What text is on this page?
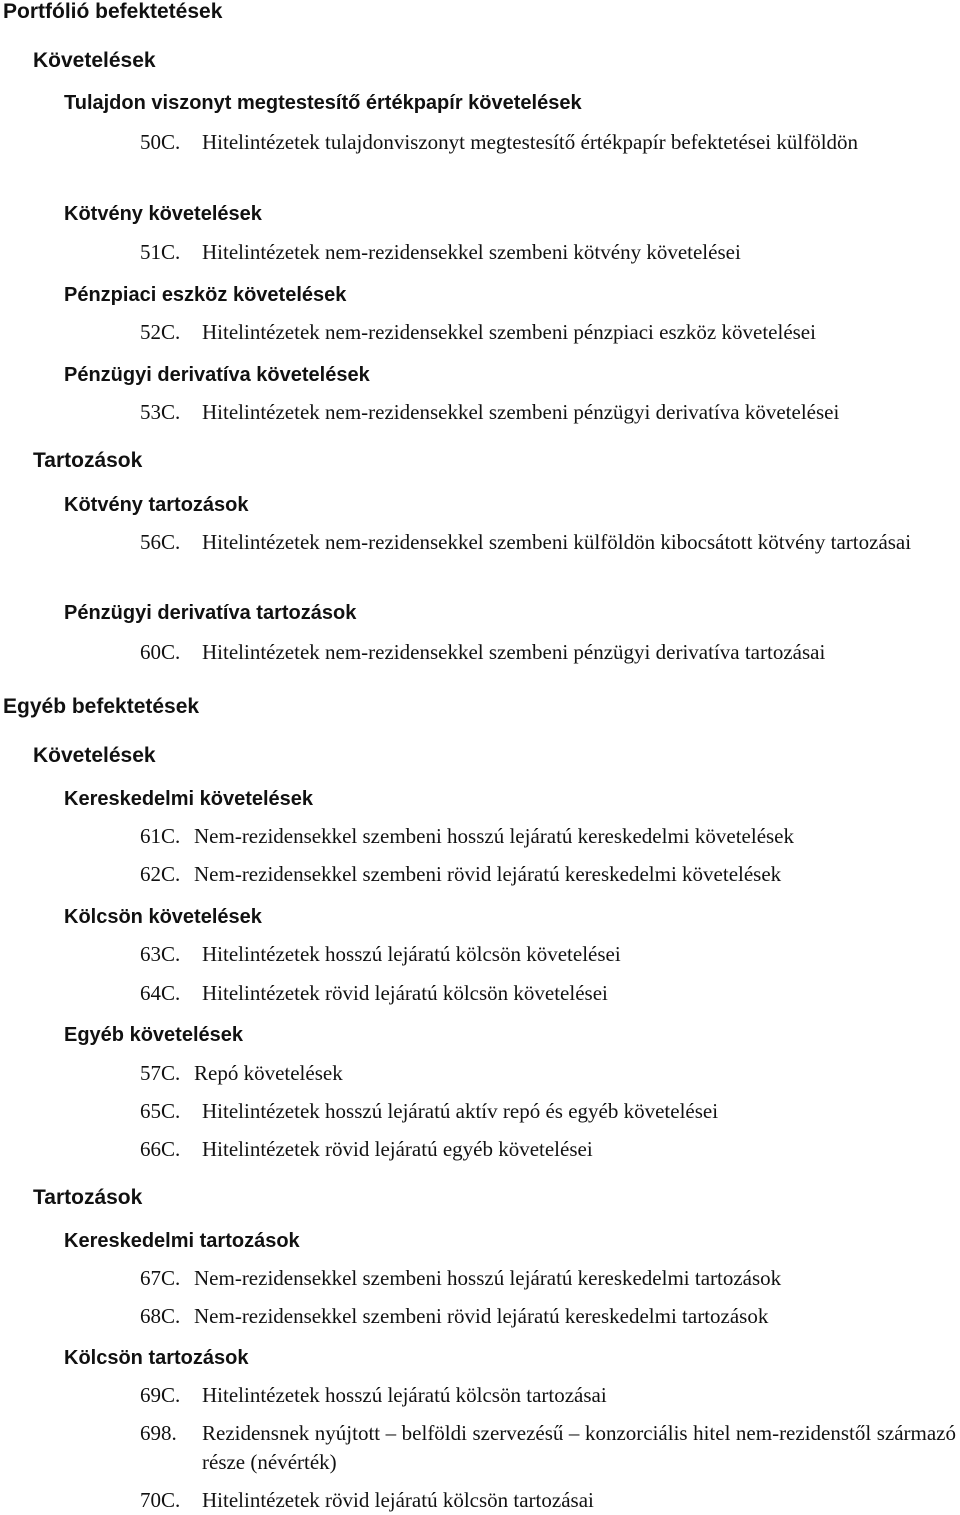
Portfólió befektetések
Követelések
Tulajdon viszonyt megtestesítő értékpapír követelések
50C.	Hitelintézetek tulajdonviszonyt megtestesítő értékpapír befektetései külföldön
Kötvény követelések
51C.	Hitelintézetek nem-rezidensekkel szembeni kötvény követelései
Pénzpiaci eszköz követelések
52C.	Hitelintézetek nem-rezidensekkel szembeni pénzpiaci eszköz követelései
Pénzügyi derivatíva követelések
53C.	Hitelintézetek nem-rezidensekkel szembeni pénzügyi derivatíva követelései
Tartozások
Kötvény tartozások
56C.	Hitelintézetek nem-rezidensekkel szembeni külföldön kibocsátott kötvény tartozásai
Pénzügyi derivatíva tartozások
60C.	Hitelintézetek nem-rezidensekkel szembeni pénzügyi derivatíva tartozásai
Egyéb befektetések
Követelések
Kereskedelmi követelések
61C. Nem-rezidensekkel szembeni hosszú lejáratú kereskedelmi követelések
62C. Nem-rezidensekkel szembeni rövid lejáratú kereskedelmi követelések
Kölcsön követelések
63C.	Hitelintézetek hosszú lejáratú kölcsön követelései
64C.	Hitelintézetek rövid lejáratú kölcsön követelései
Egyéb követelések
57C. Repó követelések
65C.	Hitelintézetek hosszú lejáratú aktív repó és egyéb követelései
66C.	Hitelintézetek rövid lejáratú egyéb követelései
Tartozások
Kereskedelmi tartozások
67C. Nem-rezidensekkel szembeni hosszú lejáratú kereskedelmi tartozások
68C. Nem-rezidensekkel szembeni rövid lejáratú kereskedelmi tartozások
Kölcsön tartozások
69C.	Hitelintézetek hosszú lejáratú kölcsön tartozásai
698.	Rezidensnek nyújtott – belföldi szervezésű – konzorciális hitel nem-rezidenstől származó része (névérték)
70C.	Hitelintézetek rövid lejáratú kölcsön tartozásai
